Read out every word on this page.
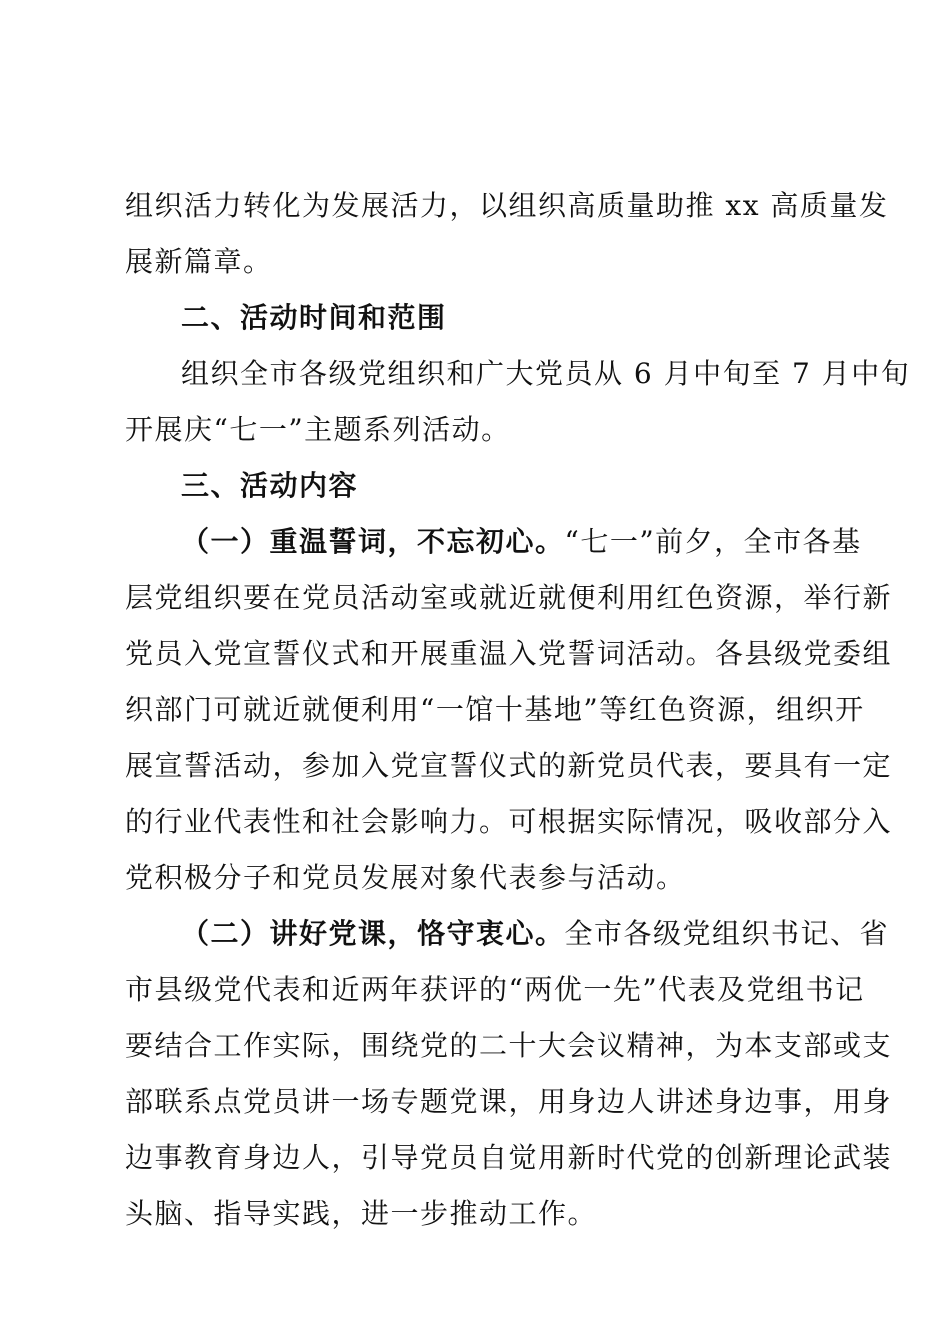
组织活力转化为发展活力，以组织高质量助推 xx 高质量发
展新篇章。
二、活动时间和范围
组织全市各级党组织和广大党员从 6 月中旬至 7 月中旬
开展庆“七一”主题系列活动。
三、活动内容
（一）重温誓词，不忘初心。“七一”前夕，全市各基
层党组织要在党员活动室或就近就便利用红色资源，举行新
党员入党宣誓仪式和开展重温入党誓词活动。各县级党委组
织部门可就近就便利用“一馆十基地”等红色资源，组织开
展宣誓活动，参加入党宣誓仪式的新党员代表，要具有一定
的行业代表性和社会影响力。可根据实际情况，吸收部分入
党积极分子和党员发展对象代表参与活动。
（二）讲好党课，恪守衷心。全市各级党组织书记、省
市县级党代表和近两年获评的“两优一先”代表及党组书记
要结合工作实际，围绕党的二十大会议精神，为本支部或支
部联系点党员讲一场专题党课，用身边人讲述身边事，用身
边事教育身边人，引导党员自觉用新时代党的创新理论武装
头脑、指导实践，进一步推动工作。
